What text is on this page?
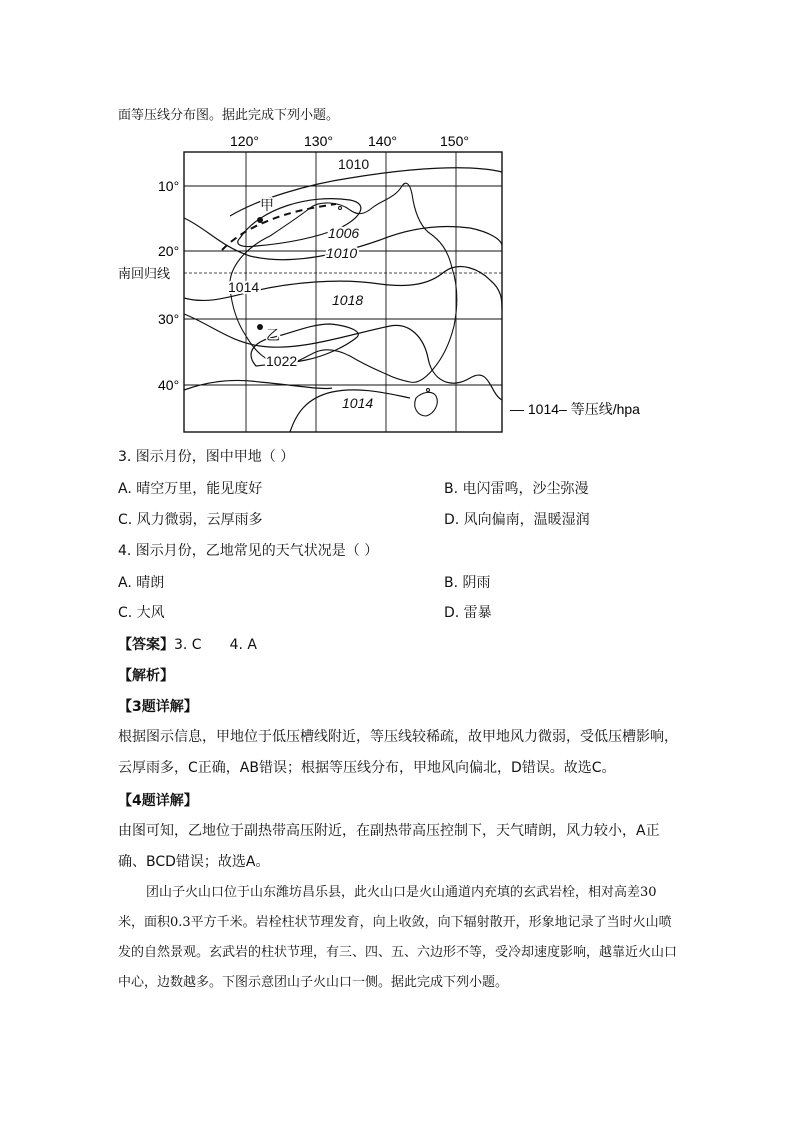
面等压线分布图。据此完成下列小题。
120°	130°	140°	150°
10°
20°
30°
40°
南回归线
1010
1006
1010
1014
1018
1022
1014
甲
乙
— 1014– 等压线/hpa
3. 图示月份，图中甲地（ ）
A. 晴空万里，能见度好	B. 电闪雷鸣，沙尘弥漫
C. 风力微弱，云厚雨多	D. 风向偏南，温暖湿润
4. 图示月份，乙地常见的天气状况是（ ）
A. 晴朗	B. 阴雨
C. 大风	D. 雷暴
【答案】3. C　　4. A
【解析】
【3题详解】
根据图示信息，甲地位于低压槽线附近，等压线较稀疏，故甲地风力微弱，受低压槽影响，云厚雨多，C正确，AB错误；根据等压线分布，甲地风向偏北，D错误。故选C。
【4题详解】
由图可知，乙地位于副热带高压附近，在副热带高压控制下，天气晴朗，风力较小，A正确、BCD错误；故选A。
团山子火山口位于山东潍坊昌乐县，此火山口是火山通道内充填的玄武岩栓，相对高差30米，面积0.3平方千米。岩栓柱状节理发育，向上收敛，向下辐射散开，形象地记录了当时火山喷发的自然景观。玄武岩的柱状节理，有三、四、五、六边形不等，受冷却速度影响，越靠近火山口中心，边数越多。下图示意团山子火山口一侧。据此完成下列小题。
